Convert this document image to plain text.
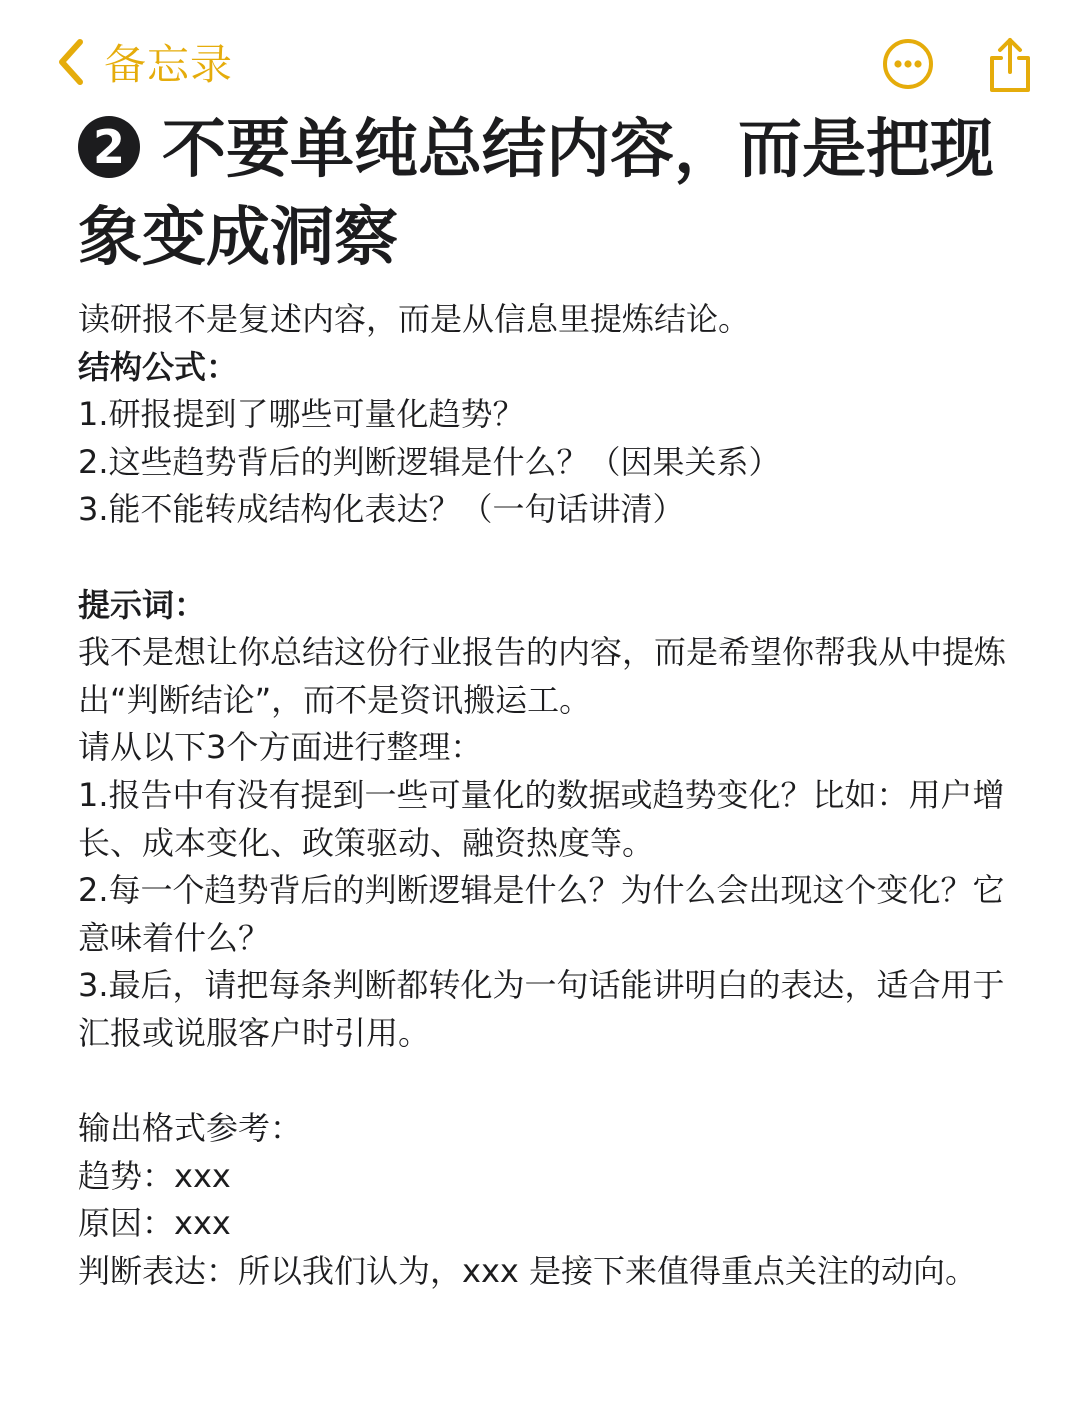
备忘录
2 不要单纯总结内容，而是把现象变成洞察

读研报不是复述内容，而是从信息里提炼结论。

结构公式：

1.研报提到了哪些可量化趋势？

2.这些趋势背后的判断逻辑是什么？（因果关系）

3.能不能转成结构化表达？（一句话讲清）

提示词：

我不是想让你总结这份行业报告的内容，而是希望你帮我从中提炼出“判断结论”，而不是资讯搬运工。

请从以下3个方面进行整理：

1.报告中有没有提到一些可量化的数据或趋势变化？比如：用户增长、成本变化、政策驱动、融资热度等。

2.每一个趋势背后的判断逻辑是什么？为什么会出现这个变化？它意味着什么？

3.最后，请把每条判断都转化为一句话能讲明白的表达，适合用于汇报或说服客户时引用。

输出格式参考：

趋势：xxx

原因：xxx

判断表达：所以我们认为，xxx 是接下来值得重点关注的动向。
